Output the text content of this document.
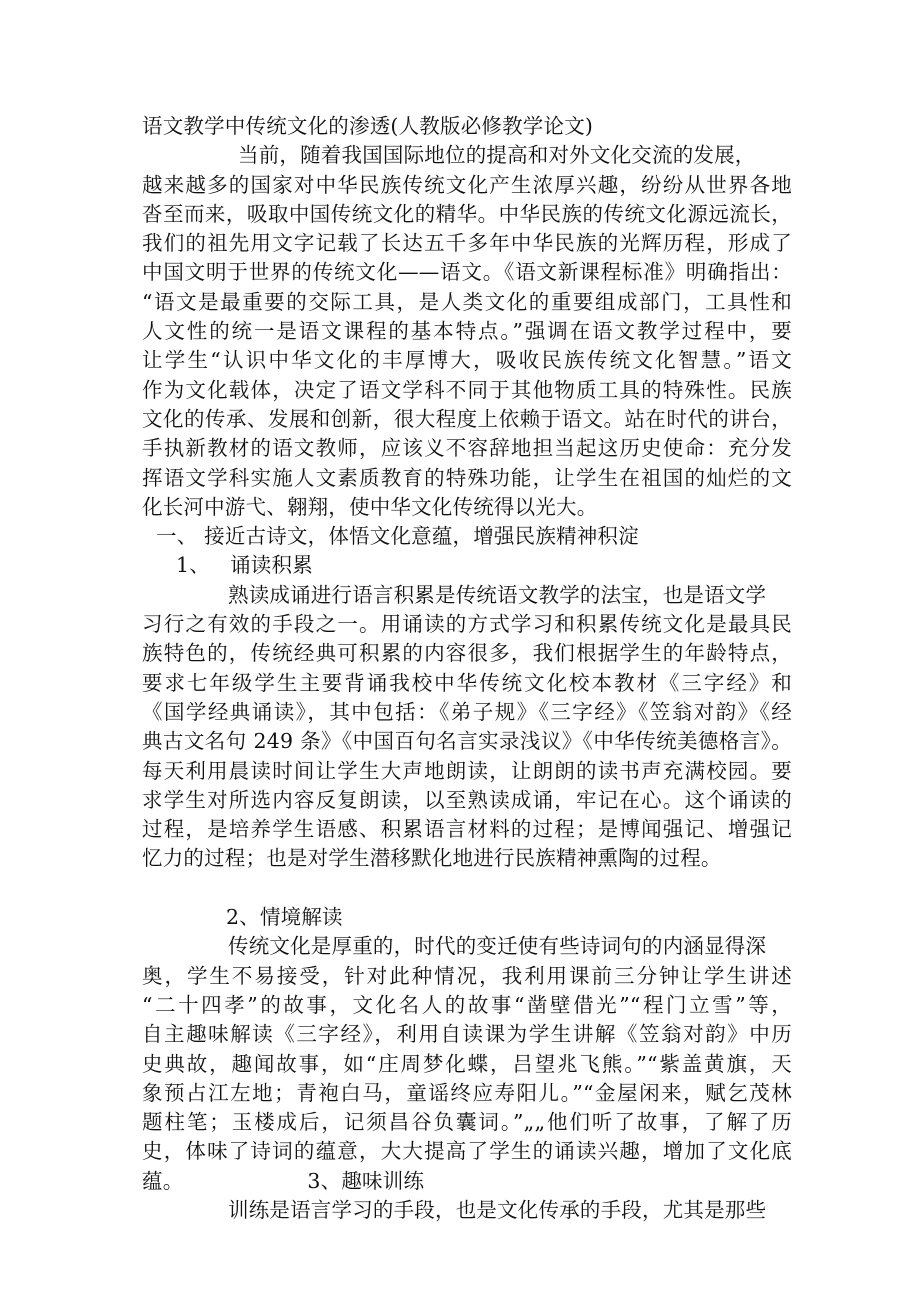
语文教学中传统文化的渗透(人教版必修教学论文)
当前，随着我国国际地位的提高和对外文化交流的发展，
越来越多的国家对中华民族传统文化产生浓厚兴趣，纷纷从世界各地
沓至而来，吸取中国传统文化的精华。中华民族的传统文化源远流长，
我们的祖先用文字记载了长达五千多年中华民族的光辉历程，形成了
中国文明于世界的传统文化——语文。《语文新课程标准》明确指出：
“语文是最重要的交际工具，是人类文化的重要组成部门，工具性和
人文性的统一是语文课程的基本特点。”强调在语文教学过程中，要
让学生“认识中华文化的丰厚博大，吸收民族传统文化智慧。”语文
作为文化载体，决定了语文学科不同于其他物质工具的特殊性。民族
文化的传承、发展和创新，很大程度上依赖于语文。站在时代的讲台，
手执新教材的语文教师，应该义不容辞地担当起这历史使命：充分发
挥语文学科实施人文素质教育的特殊功能，让学生在祖国的灿烂的文
化长河中游弋、翱翔，使中华文化传统得以光大。
一、 接近古诗文，体悟文化意蕴，增强民族精神积淀
1、   诵读积累
熟读成诵进行语言积累是传统语文教学的法宝，也是语文学
习行之有效的手段之一。用诵读的方式学习和积累传统文化是最具民
族特色的，传统经典可积累的内容很多，我们根据学生的年龄特点，
要求七年级学生主要背诵我校中华传统文化校本教材《三字经》和
《国学经典诵读》，其中包括：《弟子规》《三字经》《笠翁对韵》《经
典古文名句 249 条》《中国百句名言实录浅议》《中华传统美德格言》。
每天利用晨读时间让学生大声地朗读，让朗朗的读书声充满校园。要
求学生对所选内容反复朗读，以至熟读成诵，牢记在心。这个诵读的
过程，是培养学生语感、积累语言材料的过程；是博闻强记、增强记
忆力的过程；也是对学生潜移默化地进行民族精神熏陶的过程。
2、情境解读
传统文化是厚重的，时代的变迁使有些诗词句的内涵显得深
奥，学生不易接受，针对此种情况，我利用课前三分钟让学生讲述
“二十四孝”的故事，文化名人的故事“凿壁借光”“程门立雪”等，
自主趣味解读《三字经》，利用自读课为学生讲解《笠翁对韵》中历
史典故，趣闻故事，如“庄周梦化蝶，吕望兆飞熊。”“紫盖黄旗，天
象预占江左地；青袍白马，童谣终应寿阳儿。”“金屋闲来，赋乞茂林
题柱笔；玉楼成后，记须昌谷负囊词。”„„他们听了故事，了解了历
史，体味了诗词的蕴意，大大提高了学生的诵读兴趣，增加了文化底
蕴。	3、趣味训练
训练是语言学习的手段，也是文化传承的手段，尤其是那些
